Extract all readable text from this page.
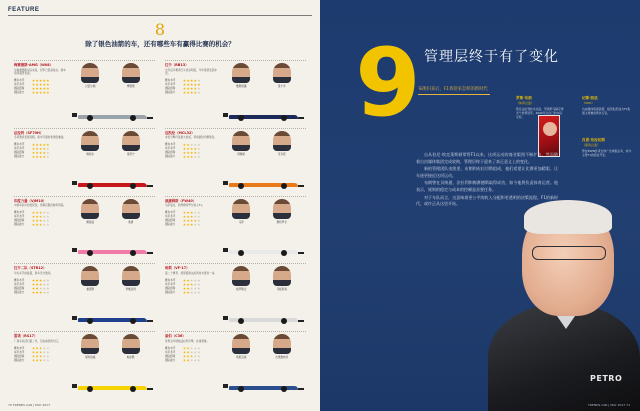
FEATURE
8
除了银色油箭的车，还有哪些车有赢得比赛的机会？
梅赛德斯-AMG（W08）
对梅赛德斯车队来说，冠军已经是常态。新车延续强势表现。
赛车水平
车手水平
团队经验
团队能力
汉密尔顿	博塔斯
红牛（RB13）
去年后半赛季红牛进步明显，今年希望发起冲击。
赛车水平
车手水平
团队经验
团队能力
维斯塔潘	里卡多
法拉利（SF70H）
冬季测试表现亮眼，新车可靠性和速度兼备。
赛车水平
车手水平
团队经验
团队能力
维特尔	莱科宁
迈凯伦（MCL32）
本田引擎仍是最大短板，季前测试问题频发。
赛车水平
车手水平
团队经验
团队能力
阿隆索	范多恩
印度力量（VJM10）
中游车队中的佼佼者，预算有限但效率很高。
赛车水平
车手水平
团队经验
团队能力
佩雷兹	奥康
威廉姆斯（FW40）
马萨复出，新秀斯特罗尔进入F1。
赛车水平
车手水平
团队经验
团队能力
马萨	斯特罗尔
红牛二队（STR12）
年轻车手的摇篮，新车设计激进。
赛车水平
车手水平
团队经验
团队能力
塞恩斯	科维亚特
哈斯（VF-17）
第二个赛季，希望借助法拉利技术更进一步。
赛车水平
车手水平
团队经验
团队能力
格罗斯让	马格努森
雷诺（RS17）
厂商车队回归第二年，目标重回积分区。
赛车水平
车手水平
团队经验
团队能力
胡肯伯格	帕尔默
索伯（C36）
使用去年规格法拉利引擎，处境艰难。
赛车水平
车手水平
团队经验
团队能力
埃里克森	吉奥维纳齐
70 TRENDS CAR | MAY 2017
9 管理层终于有了变化
布朗归来后，F1将迎来怎样的新时代
罗斯·布朗
（体育总监）
曾任法拉利技术总监，带领舒马赫夺得多个世界冠军，2009年以自己的车队夺冠。
切斯·凯里
（CEO）
自由媒体集团高管，接替伯尼成为F1集团主席兼首席执行官。
肖恩·布拉切斯
（商务总监）
曾在ESPN负责全球广告销售业务，如今主管F1的商业开发。

自从伯尼·埃克莱斯顿掌管F1以来，这项运动的商业版图不断扩张。然而随着自由媒体集团完成收购，管理层终于迎来了真正意义上的变化。

新的管理团队由凯里、布朗和布拉切斯组成，他们希望让比赛更加精彩，让车迷更接近这项运动。

布朗曾在贝纳通、法拉利和梅赛德斯取得成功，如今他将负责体育运营。他表示，规则的稳定与成本的控制是首要任务。

对于车队而言，这意味着更公平的收入分配和更透明的决策流程。F1的新时代，或许正从这里开始。

PETRO
TRENDS CAR | MAY 2017 71
